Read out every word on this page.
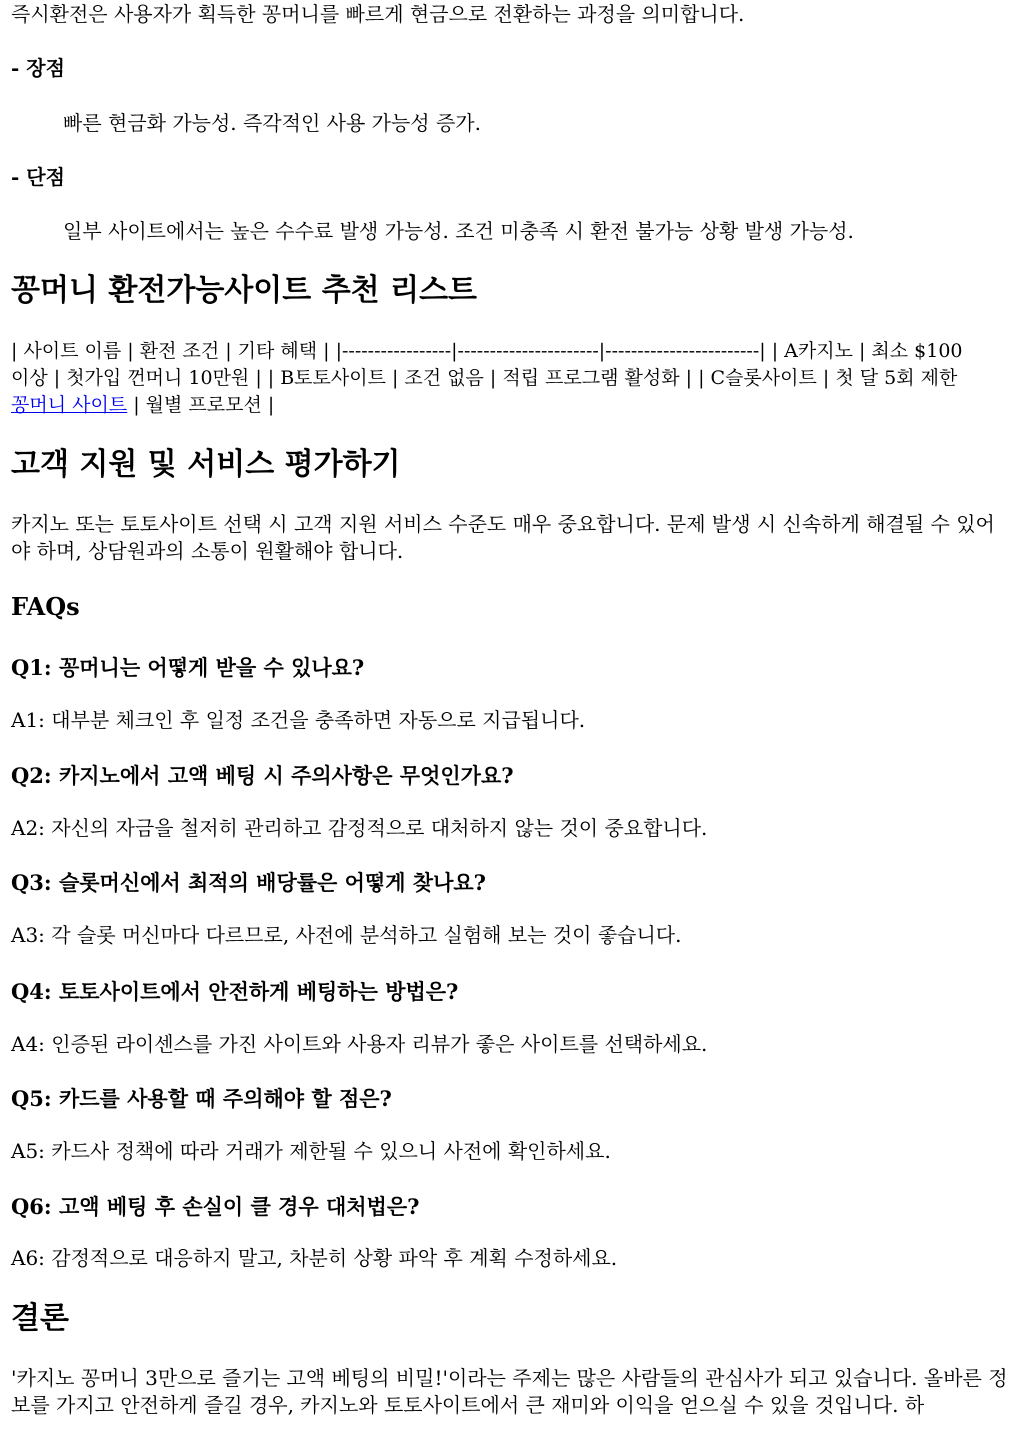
즉시환전은 사용자가 획득한 꽁머니를 빠르게 현금으로 전환하는 과정을 의미합니다.

- 장점

빠른 현금화 가능성. 즉각적인 사용 가능성 증가.

- 단점

일부 사이트에서는 높은 수수료 발생 가능성. 조건 미충족 시 환전 불가능 상황 발생 가능성.

꽁머니 환전가능사이트 추천 리스트
| 사이트 이름 | 환전 조건 | 기타 혜택 | |-----------------|----------------------|------------------------| | A카지노 | 최소 $100
이상 | 첫가입 껀머니 10만원 | | B토토사이트 | 조건 없음 | 적립 프로그램 활성화 | | C슬롯사이트 | 첫 달 5회 제한
꽁머니 사이트 | 월별 프로모션 |
고객 지원 및 서비스 평가하기

카지노 또는 토토사이트 선택 시 고객 지원 서비스 수준도 매우 중요합니다. 문제 발생 시 신속하게 해결될 수 있어야 하며, 상담원과의 소통이 원활해야 합니다.

FAQs

Q1: 꽁머니는 어떻게 받을 수 있나요?

A1: 대부분 체크인 후 일정 조건을 충족하면 자동으로 지급됩니다.

Q2: 카지노에서 고액 베팅 시 주의사항은 무엇인가요?

A2: 자신의 자금을 철저히 관리하고 감정적으로 대처하지 않는 것이 중요합니다.

Q3: 슬롯머신에서 최적의 배당률은 어떻게 찾나요?

A3: 각 슬롯 머신마다 다르므로, 사전에 분석하고 실험해 보는 것이 좋습니다.

Q4: 토토사이트에서 안전하게 베팅하는 방법은?

A4: 인증된 라이센스를 가진 사이트와 사용자 리뷰가 좋은 사이트를 선택하세요.

Q5: 카드를 사용할 때 주의해야 할 점은?

A5: 카드사 정책에 따라 거래가 제한될 수 있으니 사전에 확인하세요.

Q6: 고액 베팅 후 손실이 클 경우 대처법은?

A6: 감정적으로 대응하지 말고, 차분히 상황 파악 후 계획 수정하세요.

결론

'카지노 꽁머니 3만으로 즐기는 고액 베팅의 비밀!'이라는 주제는 많은 사람들의 관심사가 되고 있습니다. 올바른 정보를 가지고 안전하게 즐길 경우, 카지노와 토토사이트에서 큰 재미와 이익을 얻으실 수 있을 것입니다. 하
